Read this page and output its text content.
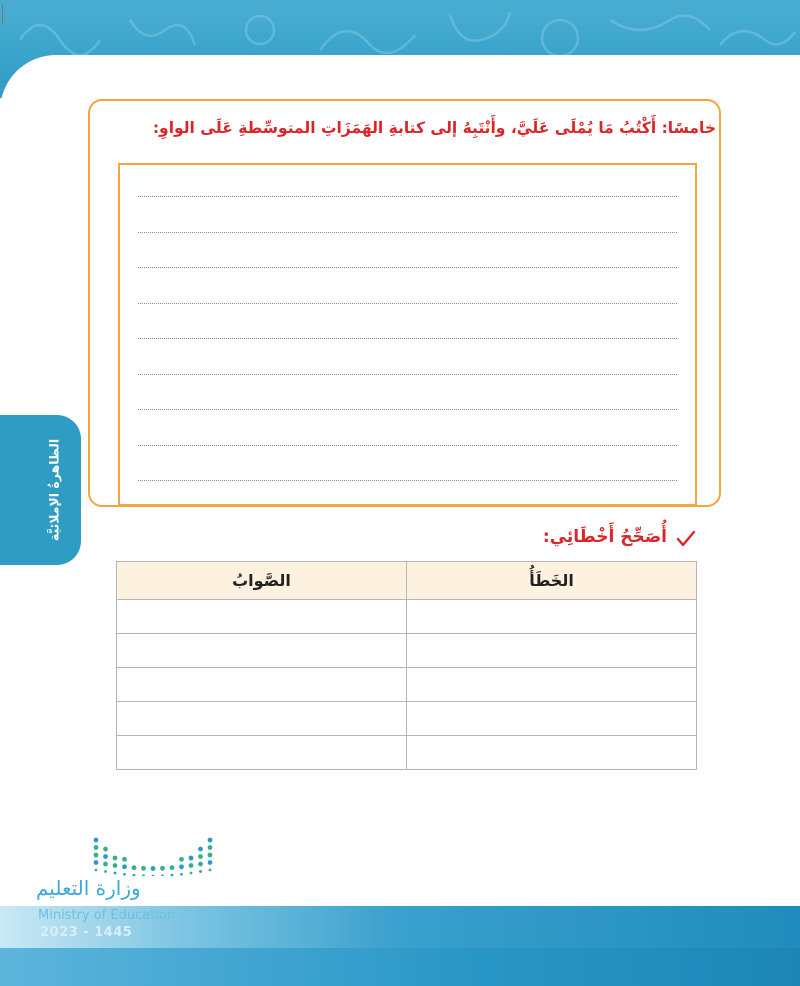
خامسًا: أَكْتُبُ مَا يُمْلَى عَلَيَّ، وأَنْتَبِهُ إلى كتابةِ الهَمَزَاتِ المتوسِّطةِ عَلَى الواوِ:
الظاهرةُ الإملائيَّة	أُصَحِّحُ أَخْطَائِي:
الصَّوابُ	الخَطَأُ

وزارة التعليم
Ministry of Education
2023 - 1445
